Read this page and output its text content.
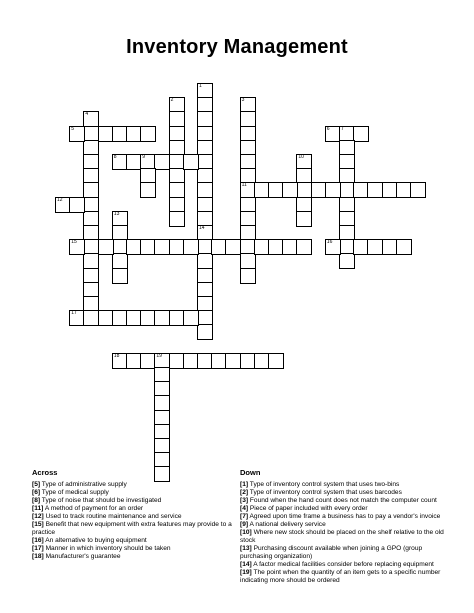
Inventory Management
1
2	3
11
4
5	6 7
8	9	10
12
13
14
15	16
17
18	19
Across
[5] Type of administrative supply
[6] Type of medical supply
[8] Type of noise that should be investigated
[11] A method of payment for an order
[12] Used to track routine maintenance and service
[15] Benefit that new equipment with extra features may provide to a practice
[16] An alternative to buying equipment
[17] Manner in which inventory should be taken
[18] Manufacturer's guarantee
Down
[1] Type of inventory control system that uses two-bins
[2] Type of inventory control system that uses barcodes
[3] Found when the hand count does not match the computer count
[4] Piece of paper included with every order
[7] Agreed upon time frame a business has to pay a vendor's invoice
[9] A national delivery service
[10] Where new stock should be placed on the shelf relative to the old stock
[13] Purchasing discount available when joining a GPO (group purchasing organization)
[14] A factor medical facilities consider before replacing equipment
[19] The point when the quantity of an item gets to a specific number indicating more should be ordered
